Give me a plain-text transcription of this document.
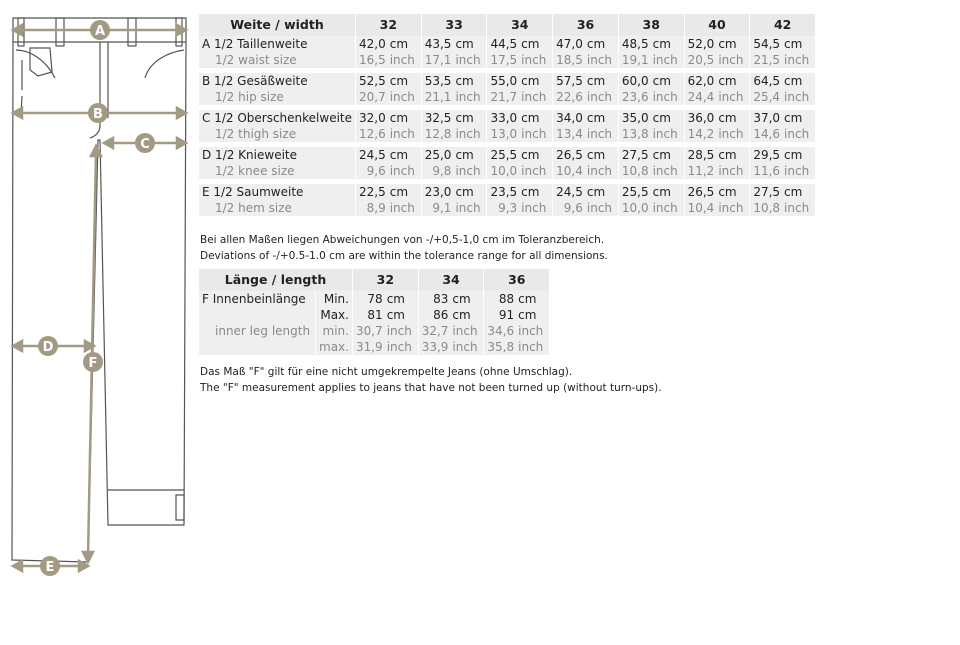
A
B
C
D
E
F
Weite / width	32	33	34	36	38	40	42
A 1/2 Taillenweite	42,0 cm	43,5 cm	44,5 cm	47,0 cm	48,5 cm	52,0 cm	54,5 cm
1/2 waist size	16,5 inch	17,1 inch	17,5 inch	18,5 inch	19,1 inch	20,5 inch	21,5 inch

B 1/2 Gesäßweite	52,5 cm	53,5 cm	55,0 cm	57,5 cm	60,0 cm	62,0 cm	64,5 cm
1/2 hip size	20,7 inch	21,1 inch	21,7 inch	22,6 inch	23,6 inch	24,4 inch	25,4 inch

C 1/2 Oberschenkelweite	32,0 cm	32,5 cm	33,0 cm	34,0 cm	35,0 cm	36,0 cm	37,0 cm
1/2 thigh size	12,6 inch	12,8 inch	13,0 inch	13,4 inch	13,8 inch	14,2 inch	14,6 inch

D 1/2 Knieweite	24,5 cm	25,0 cm	25,5 cm	26,5 cm	27,5 cm	28,5 cm	29,5 cm
1/2 knee size	9,6 inch	9,8 inch	10,0 inch	10,4 inch	10,8 inch	11,2 inch	11,6 inch

E 1/2 Saumweite	22,5 cm	23,0 cm	23,5 cm	24,5 cm	25,5 cm	26,5 cm	27,5 cm
1/2 hem size	8,9 inch	9,1 inch	9,3 inch	9,6 inch	10,0 inch	10,4 inch	10,8 inch
Bei allen Maßen liegen Abweichungen von -/+0,5-1,0 cm im Toleranzbereich.
Deviations of -/+0.5-1.0 cm are within the tolerance range for all dimensions.
Länge / length		32	34	36
F Innenbeinlänge	Min.	78 cm	83 cm	88 cm
	Max.	81 cm	86 cm	91 cm
inner leg length	min.	30,7 inch	32,7 inch	34,6 inch
	max.	31,9 inch	33,9 inch	35,8 inch
Das Maß "F" gilt für eine nicht umgekrempelte Jeans (ohne Umschlag).
The "F" measurement applies to jeans that have not been turned up (without turn-ups).
